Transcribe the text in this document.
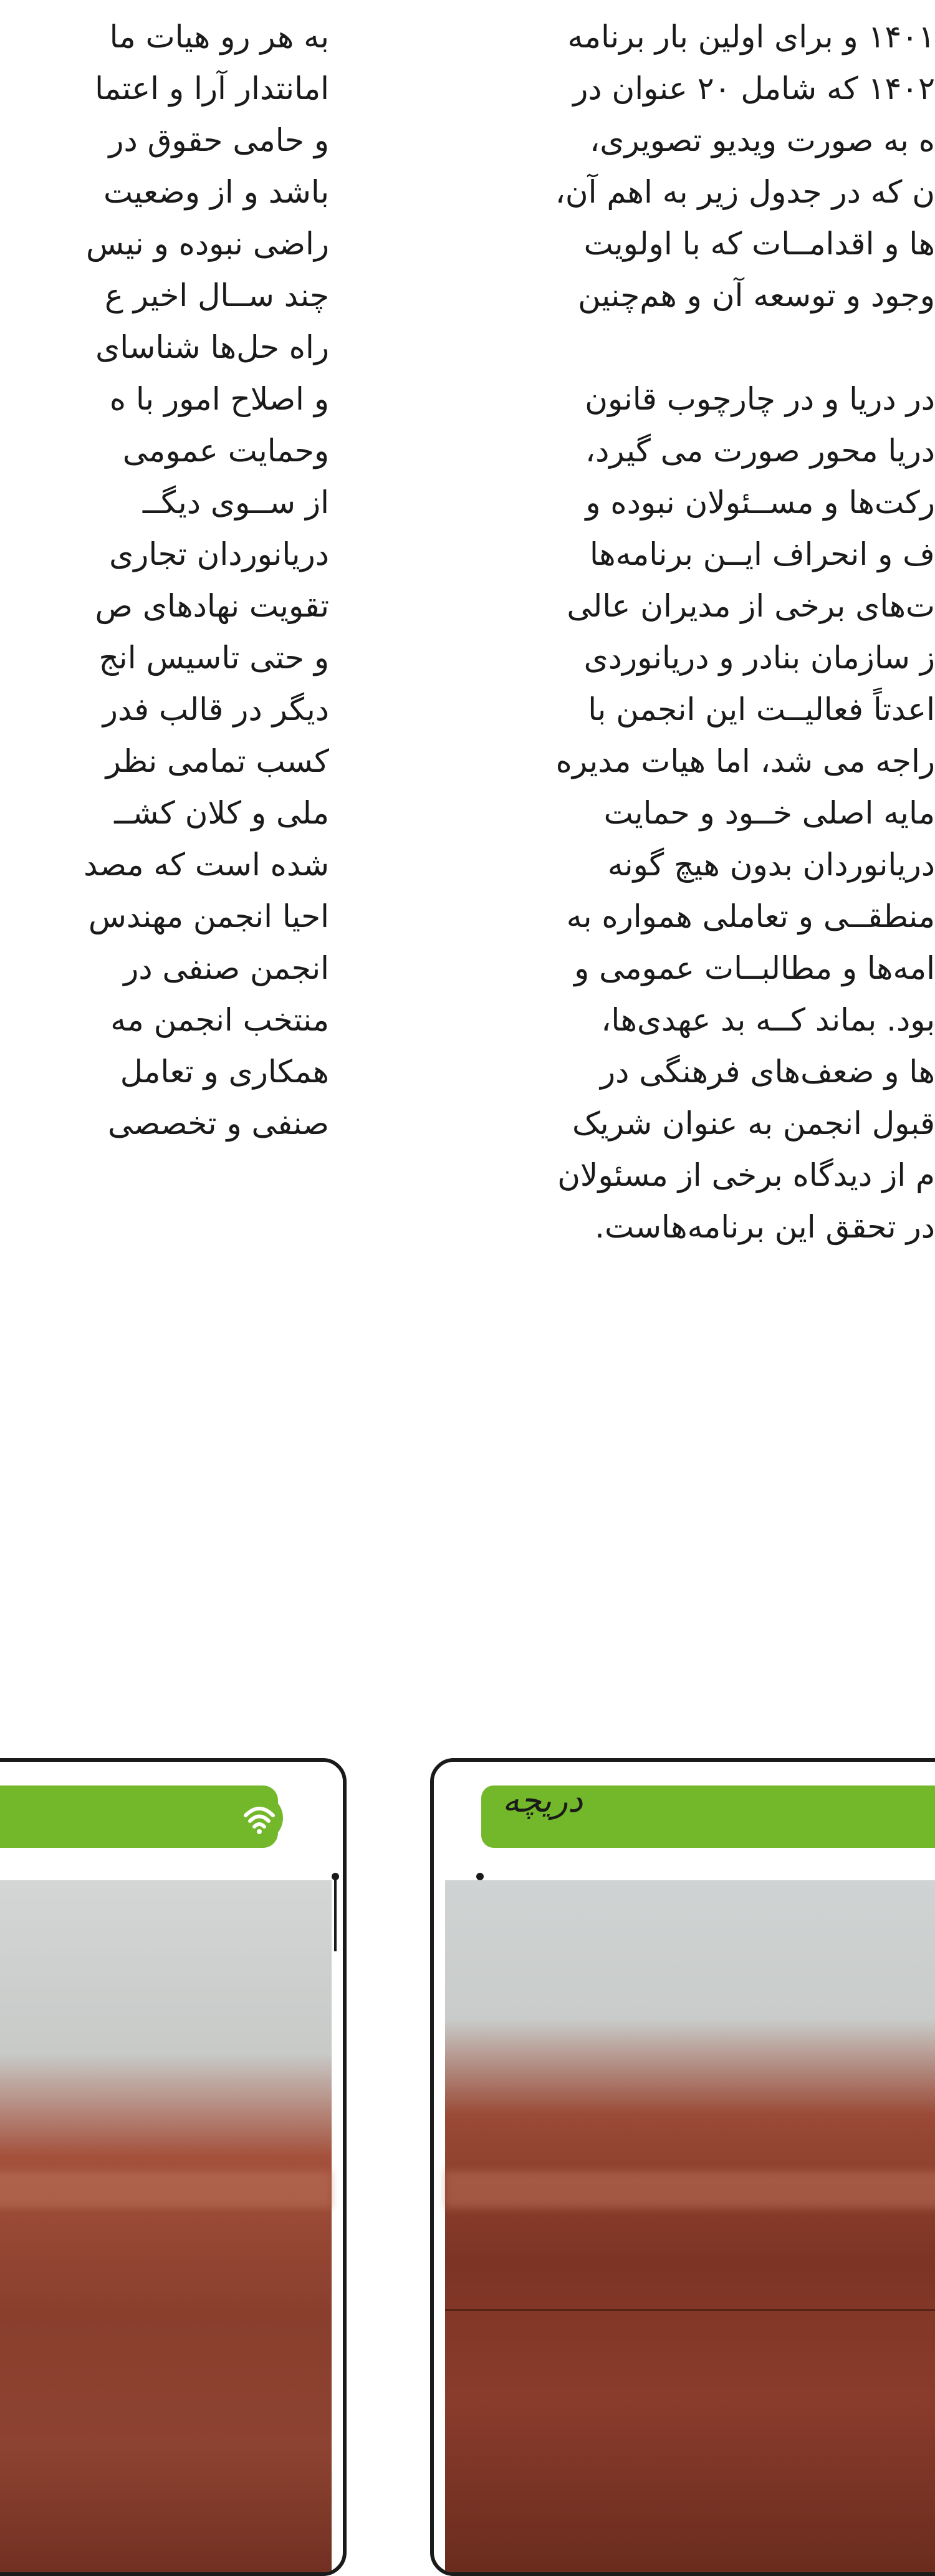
به هر رو هیات ما
امانتدار آرا و اعتما
و حامی حقوق در
باشد و از وضعیت
راضی نبوده و نیس
چند ســال اخیر ع
راه حل‌ها شناسای
و اصلاح امور با ه
وحمایت عمومی
از ســوی دیگــ
دریانوردان تجاری
تقویت نهادهای ص
و حتی تاسیس انج
دیگر در قالب فدر
کسب تمامی نظر
ملی و کلان کشــ
شده است که مصد
احیا انجمن مهندس
انجمن صنفی در
منتخب انجمن مه
همکاری و تعامل
صنفی و تخصصی
۱۴۰۱ و برای اولین بار برنامه
۱۴۰۲ که شامل ۲۰ عنوان در
ه به صورت ویدیو تصویری،
ن که در جدول زیر به اهم آن،
ها و اقدامــات که با اولویت
وجود و توسعه آن و هم‌چنین
در دریا و در چارچوب قانون
دریا محور صورت می گیرد،
رکت‌ها و مســئولان نبوده و
ف و انحراف ایــن برنامه‌ها
ت‌های برخی از مدیران عالی
ز سازمان بنادر و دریانوردی
اعدتاً فعالیــت این انجمن با
راجه می شد، اما هیات مدیره
مایه اصلی خــود و حمایت
دریانوردان بدون هیچ گونه
منطقــی و تعاملی همواره به
امه‌ها و مطالبــات عمومی و
بود. بماند کــه بد عهدی‌ها،
ها و ضعف‌های فرهنگی در
قبول انجمن به عنوان شریک
م از دیدگاه برخی از مسئولان
در تحقق این برنامه‌هاست.
دریچه
